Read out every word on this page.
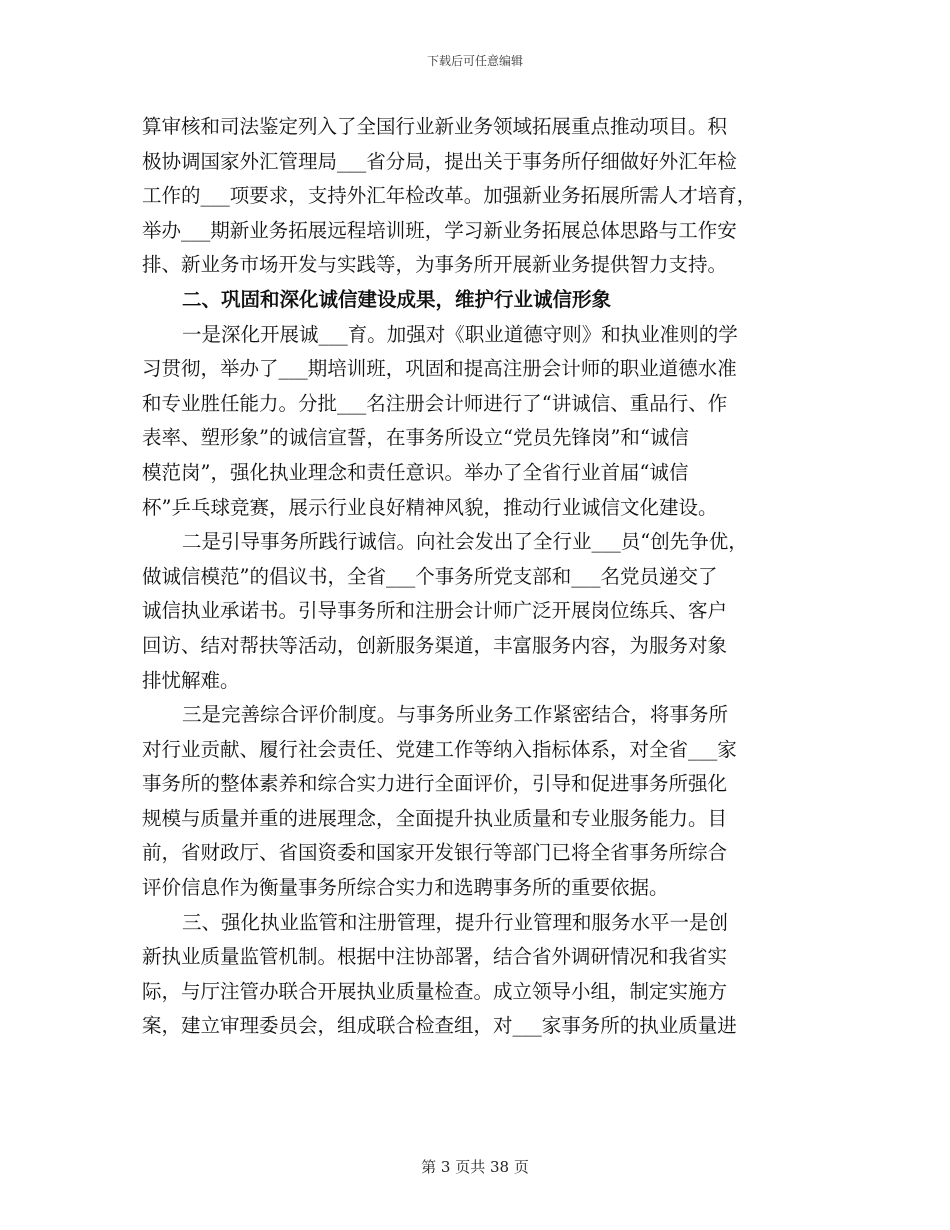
下载后可任意编辑
算审核和司法鉴定列入了全国行业新业务领域拓展重点推动项目。积
极协调国家外汇管理局___省分局，提出关于事务所仔细做好外汇年检
工作的___项要求，支持外汇年检改革。加强新业务拓展所需人才培育，
举办___期新业务拓展远程培训班，学习新业务拓展总体思路与工作安
排、新业务市场开发与实践等，为事务所开展新业务提供智力支持。
二、巩固和深化诚信建设成果，维护行业诚信形象
一是深化开展诚___育。加强对《职业道德守则》和执业准则的学
习贯彻，举办了___期培训班，巩固和提高注册会计师的职业道德水准
和专业胜任能力。分批___名注册会计师进行了“讲诚信、重品行、作
表率、塑形象”的诚信宣誓，在事务所设立“党员先锋岗”和“诚信
模范岗”，强化执业理念和责任意识。举办了全省行业首届“诚信
杯”乒乓球竞赛，展示行业良好精神风貌，推动行业诚信文化建设。
二是引导事务所践行诚信。向社会发出了全行业___员“创先争优，
做诚信模范”的倡议书，全省___个事务所党支部和___名党员递交了
诚信执业承诺书。引导事务所和注册会计师广泛开展岗位练兵、客户
回访、结对帮扶等活动，创新服务渠道，丰富服务内容，为服务对象
排忧解难。
三是完善综合评价制度。与事务所业务工作紧密结合，将事务所
对行业贡献、履行社会责任、党建工作等纳入指标体系，对全省___家
事务所的整体素养和综合实力进行全面评价，引导和促进事务所强化
规模与质量并重的进展理念，全面提升执业质量和专业服务能力。目
前，省财政厅、省国资委和国家开发银行等部门已将全省事务所综合
评价信息作为衡量事务所综合实力和选聘事务所的重要依据。
三、强化执业监管和注册管理，提升行业管理和服务水平一是创
新执业质量监管机制。根据中注协部署，结合省外调研情况和我省实
际，与厅注管办联合开展执业质量检查。成立领导小组，制定实施方
案，建立审理委员会，组成联合检查组，对___家事务所的执业质量进
第 3 页共 38 页
